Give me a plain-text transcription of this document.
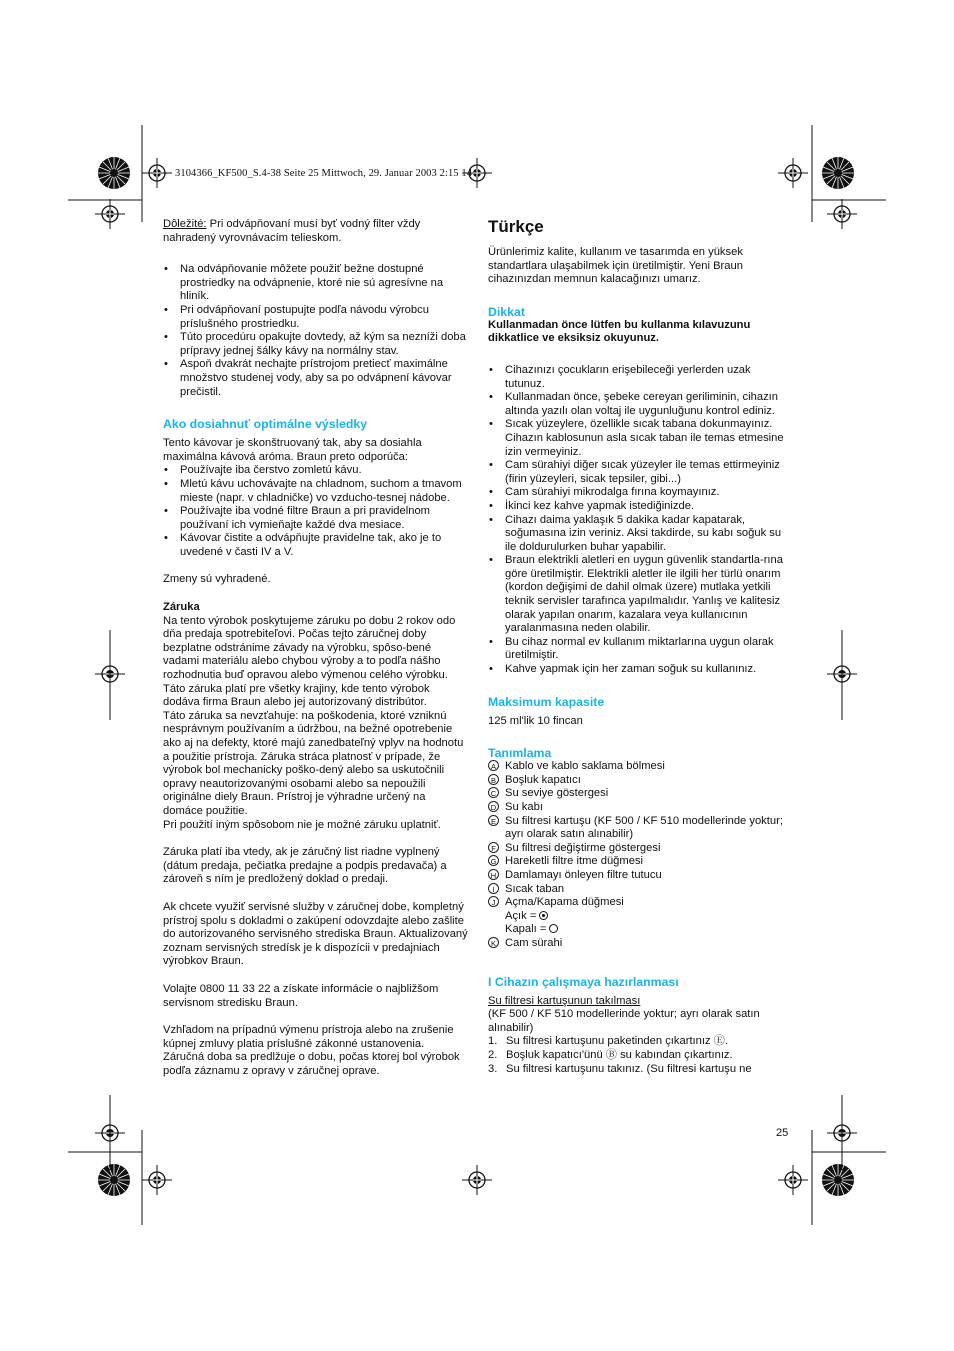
3104366_KF500_S.4-38 Seite 25 Mittwoch, 29. Januar 2003 2:15 14

Dôležité: Pri odvápňovaní musí byť vodný filter vždy nahradený vyrovnávacím telieskom.

• Na odvápňovanie môžete použiť bežne dostupné prostriedky na odvápnenie, ktoré nie sú agresívne na hliník.
• Pri odvápňovaní postupujte podľa návodu výrobcu príslušného prostriedku.
• Túto procedúru opakujte dovtedy, až kým sa nezníži doba prípravy jednej šálky kávy na normálny stav.
• Aspoň dvakrát nechajte prístrojom pretiecť maximálne množstvo studenej vody, aby sa po odvápnení kávovar prečistil.

Ako dosiahnuť optimálne výsledky

Tento kávovar je skonštruovaný tak, aby sa dosiahla maximálna kávová aróma. Braun preto odporúča:

• Používajte iba čerstvo zomletú kávu.
• Mletú kávu uchovávajte na chladnom, suchom a tmavom mieste (napr. v chladničke) vo vzducho-tesnej nádobe.
• Používajte iba vodné filtre Braun a pri pravidelnom používaní ich vymieňajte každé dva mesiace.
• Kávovar čistite a odvápňujte pravidelne tak, ako je to uvedené v časti IV a V.

Zmeny sú vyhradené.

Záruka

Na tento výrobok poskytujeme záruku po dobu 2 rokov odo dňa predaja spotrebiteľovi. Počas tejto záručnej doby bezplatne odstránime závady na výrobku, spôso-bené vadami materiálu alebo chybou výroby a to podľa nášho rozhodnutia buď opravou alebo výmenou celého výrobku.

Táto záruka platí pre všetky krajiny, kde tento výrobok dodáva firma Braun alebo jej autorizovaný distribútor.

Táto záruka sa nevzťahuje: na poškodenia, ktoré vzniknú nesprávnym používaním a údržbou, na bežné opotrebenie ako aj na defekty, ktoré majú zanedbateľný vplyv na hodnotu a použitie prístroja. Záruka stráca platnosť v prípade, že výrobok bol mechanicky poško-dený alebo sa uskutočnili opravy neautorizovanými osobami alebo sa nepoužili originálne diely Braun. Prístroj je výhradne určený na domáce použitie.

Pri použití iným spôsobom nie je možné záruku uplatniť.

Záruka platí iba vtedy, ak je záručný list riadne vyplnený (dátum predaja, pečiatka predajne a podpis predavača) a zároveň s ním je predložený doklad o predaji.

Ak chcete využiť servisné služby v záručnej dobe, kompletný prístroj spolu s dokladmi o zakúpení odovzdajte alebo zašlite do autorizovaného servisného strediska Braun. Aktualizovaný zoznam servisných stredísk je k dispozícii v predajniach výrobkov Braun.

Volajte 0800 11 33 22 a získate informácie o najbližšom servisnom stredisku Braun.

Vzhľadom na prípadnú výmenu prístroja alebo na zrušenie kúpnej zmluvy platia príslušné zákonné ustanovenia. Záručná doba sa predlžuje o dobu, počas ktorej bol výrobok podľa záznamu z opravy v záručnej oprave.

Türkçe

Ürünlerimiz kalite, kullanım ve tasarımda en yüksek standartlara ulaşabilmek için üretilmiştir. Yeni Braun cihazınızdan memnun kalacağınızı umarız.

Dikkat

Kullanmadan önce lütfen bu kullanma kılavuzunu dikkatlice ve eksiksiz okuyunuz.

• Cihazınızı çocukların erişebileceği yerlerden uzak tutunuz.
• Kullanmadan önce, şebeke cereyan geriliminin, cihazın altında yazılı olan voltaj ile uygunluğunu kontrol ediniz.
• Sıcak yüzeylere, özellikle sıcak tabana dokunmayınız. Cihazın kablosunun asla sıcak taban ile temas etmesine izin vermeyiniz.
• Cam sürahiyi diğer sıcak yüzeyler ile temas ettirmeyiniz (firin yüzeyleri, sicak tepsiler, gibi...)
• Cam sürahiyi mikrodalga fırına koymayınız.
• İkinci kez kahve yapmak istediğinizde.
• Cihazı daima yaklaşık 5 dakika kadar kapatarak, soğumasına izin veriniz. Aksi takdirde, su kabı soğuk su ile doldurulurken buhar yapabilir.
• Braun elektrikli aletleri en uygun güvenlik standartla-rına göre üretilmiştir. Elektrikli aletler ile ilgili her türlü onarım (kordon değişimi de dahil olmak üzere) mutlaka yetkili teknik servisler tarafınca yapılmalıdır. Yanlış ve kalitesiz olarak yapılan onarım, kazalara veya kullanıcının yaralanmasına neden olabilir.
• Bu cihaz normal ev kullanım miktarlarına uygun olarak üretilmiştir.
• Kahve yapmak için her zaman soğuk su kullanınız.

Maksimum kapasite

125 ml'lik 10 fincan

Tanımlama

A Kablo ve kablo saklama bölmesi
B Boşluk kapatıcı
C Su seviye göstergesi
D Su kabı
E Su filtresi kartuşu (KF 500 / KF 510 modellerinde yoktur; ayrı olarak satın alınabilir)
F Su filtresi değiştirme göstergesi
G Hareketli filtre itme düğmesi
H Damlamayı önleyen filtre tutucu
I Sıcak taban
J Açma/Kapama düğmesi
Açık =
Kapalı =
K Cam sürahi

I Cihazın çalışmaya hazırlanması

Su filtresi kartuşunun takılması

(KF 500 / KF 510 modellerinde yoktur; ayrı olarak satın alınabilir)

1. Su filtresi kartuşunu paketinden çıkartınız Ⓔ.
2. Boşluk kapatıcı'ünü Ⓑ su kabından çıkartınız.
3. Su filtresi kartuşunu takınız. (Su filtresi kartuşu ne
25
